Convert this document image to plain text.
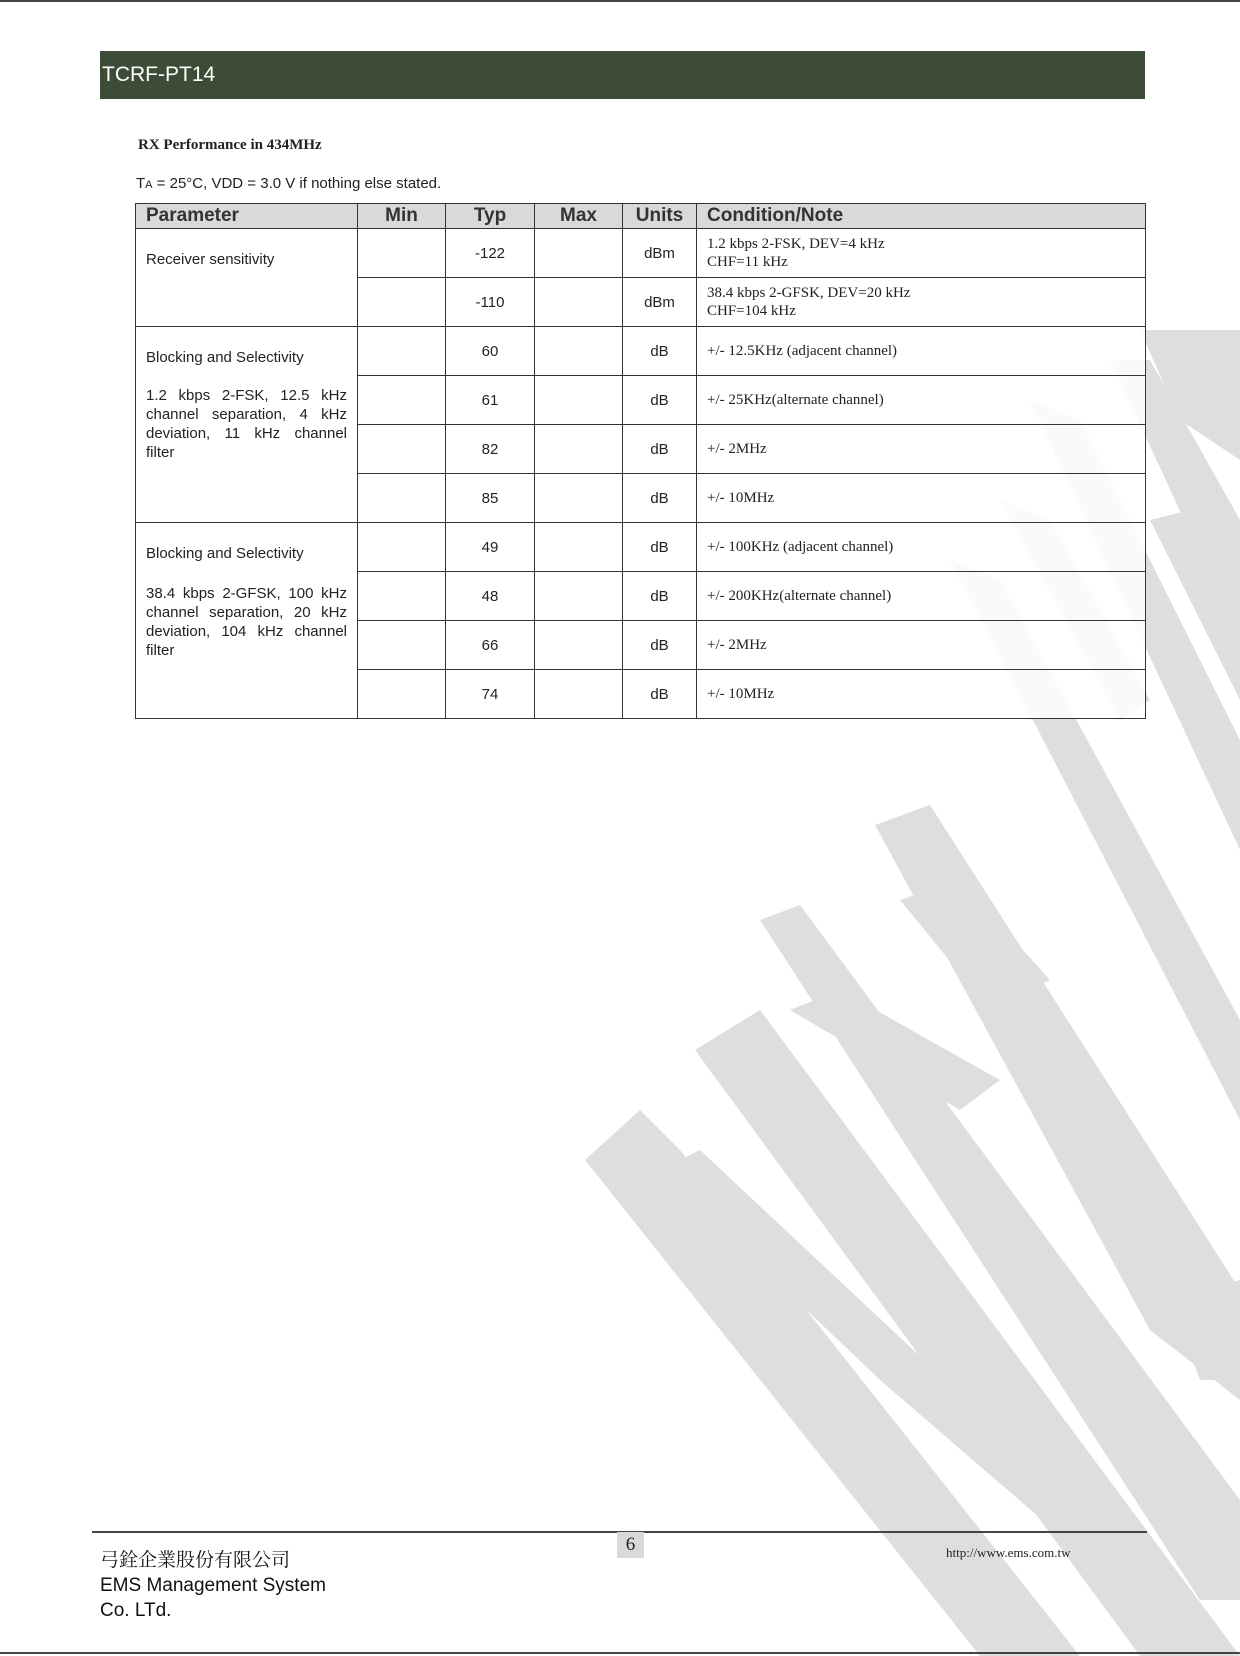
TCRF-PT14
RX Performance in 434MHz
TA = 25°C, VDD = 3.0 V if nothing else stated.
Parameter	Min	Typ	Max	Units	Condition/Note

Receiver sensitivity		-122		dBm	1.2 kbps 2-FSK, DEV=4 kHz
CHF=11 kHz

		-110		dBm	38.4 kbps 2-GFSK, DEV=20 kHz
CHF=104 kHz

Blocking and Selectivity
1.2 kbps 2-FSK, 12.5 kHz channel separation, 4 kHz deviation, 11 kHz channel filter		60		dB	+/- 12.5KHz (adjacent channel)
		61		dB	+/- 25KHz(alternate channel)
		82		dB	+/- 2MHz
		85		dB	+/- 10MHz

Blocking and Selectivity
38.4 kbps 2-GFSK, 100 kHz channel separation, 20 kHz deviation, 104 kHz channel filter		49		dB	+/- 100KHz (adjacent channel)
		48		dB	+/- 200KHz(alternate channel)
		66		dB	+/- 2MHz
		74		dB	+/- 10MHz
6
弓銓企業股份有限公司
EMS Management System
Co. LTd.
http://www.ems.com.tw
